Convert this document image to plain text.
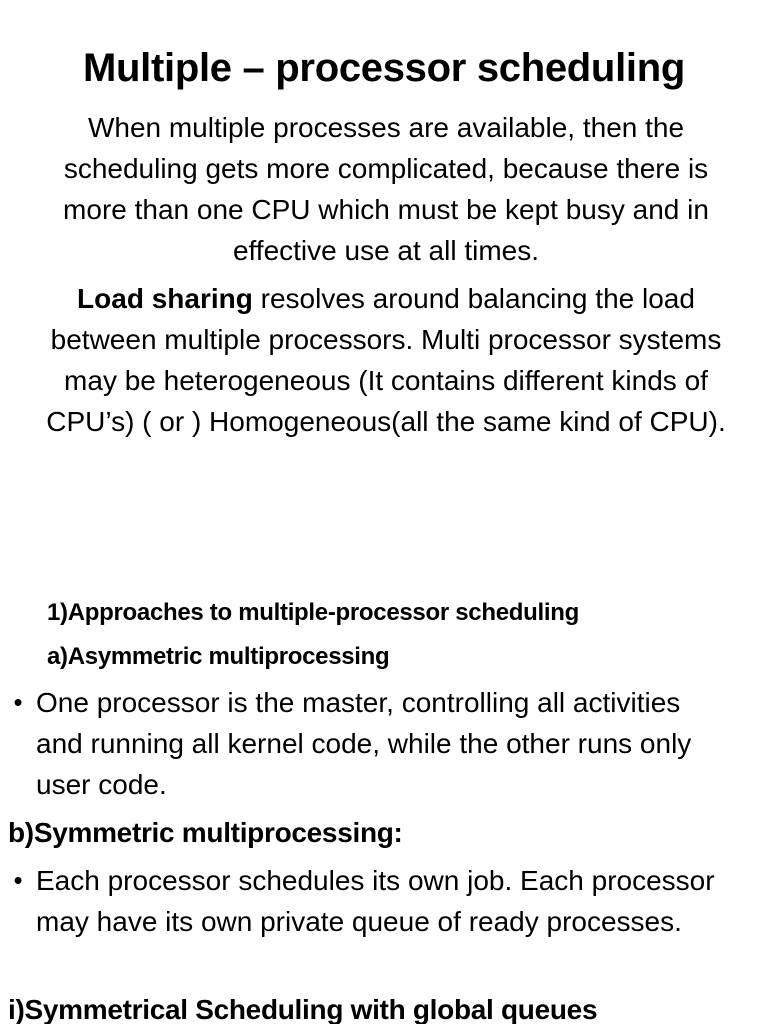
Multiple – processor scheduling

When multiple processes are available, then the scheduling gets more complicated, because there is more than one CPU which must be kept busy and in effective use at all times.

Load sharing resolves around balancing the load between multiple processors. Multi processor systems may be heterogeneous (It contains different kinds of CPU’s) ( or ) Homogeneous(all the same kind of CPU).

1)Approaches to multiple-processor scheduling

a)Asymmetric multiprocessing

• One processor is the master, controlling all activities and running all kernel code, while the other runs only user code.

b)Symmetric multiprocessing:

• Each processor schedules its own job. Each processor may have its own private queue of ready processes.

i)Symmetrical Scheduling with global queues
